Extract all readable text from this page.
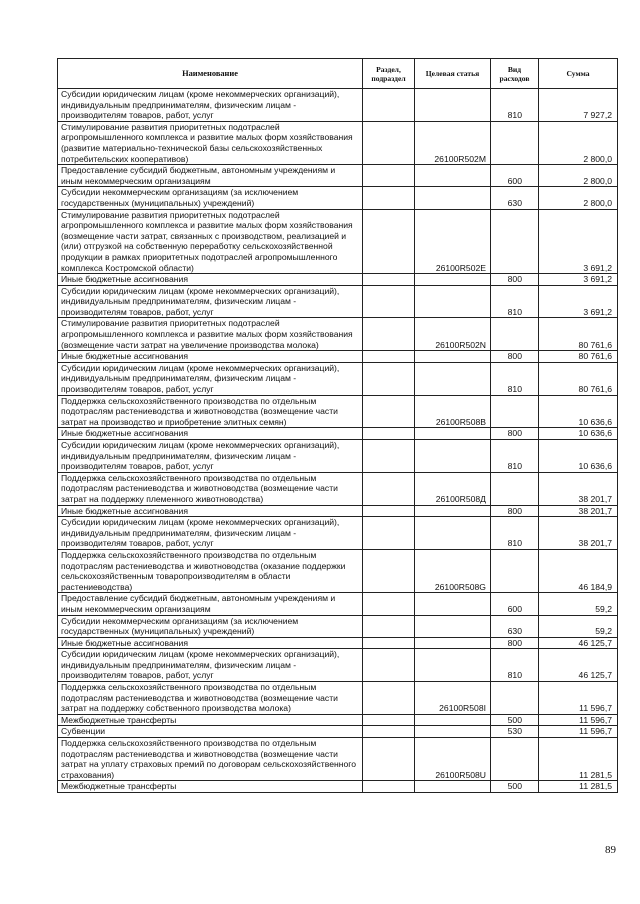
Наименование	Раздел, подраздел	Целевая статья	Вид расходов	Сумма
Субсидии юридическим лицам (кроме некоммерческих организаций), индивидуальным предпринимателям, физическим лицам - производителям товаров, работ, услуг			810	7 927,2
Стимулирование развития приоритетных подотраслей агропромышленного комплекса и развитие малых форм хозяйствования (развитие материально-технической базы сельскохозяйственных потребительских кооперативов)		26100R502M		2 800,0
Предоставление субсидий бюджетным, автономным учреждениям и иным некоммерческим организациям			600	2 800,0
Субсидии некоммерческим организациям (за исключением государственных (муниципальных) учреждений)			630	2 800,0
Стимулирование развития приоритетных подотраслей агропромышленного комплекса и развитие малых форм хозяйствования (возмещение части затрат, связанных с производством, реализацией и (или) отгрузкой на собственную переработку сельскохозяйственной продукции в рамках приоритетных подотраслей агропромышленного комплекса Костромской области)		26100R502E		3 691,2
Иные бюджетные ассигнования			800	3 691,2
Субсидии юридическим лицам (кроме некоммерческих организаций), индивидуальным предпринимателям, физическим лицам - производителям товаров, работ, услуг			810	3 691,2
Стимулирование развития приоритетных подотраслей агропромышленного комплекса и развитие малых форм хозяйствования (возмещение части затрат на увеличение производства молока)		26100R502N		80 761,6
Иные бюджетные ассигнования			800	80 761,6
Субсидии юридическим лицам (кроме некоммерческих организаций), индивидуальным предпринимателям, физическим лицам - производителям товаров, работ, услуг			810	80 761,6
Поддержка сельскохозяйственного производства по отдельным подотраслям растениеводства и животноводства (возмещение части затрат на производство и приобретение элитных семян)		26100R508B		10 636,6
Иные бюджетные ассигнования			800	10 636,6
Субсидии юридическим лицам (кроме некоммерческих организаций), индивидуальным предпринимателям, физическим лицам - производителям товаров, работ, услуг			810	10 636,6
Поддержка сельскохозяйственного производства по отдельным подотраслям растениеводства и животноводства (возмещение части затрат на поддержку племенного животноводства)		26100R508Д		38 201,7
Иные бюджетные ассигнования			800	38 201,7
Субсидии юридическим лицам (кроме некоммерческих организаций), индивидуальным предпринимателям, физическим лицам - производителям товаров, работ, услуг			810	38 201,7
Поддержка сельскохозяйственного производства по отдельным подотраслям растениеводства и животноводства (оказание поддержки сельскохозяйственным товаропроизводителям в области растениеводства)		26100R508G		46 184,9
Предоставление субсидий бюджетным, автономным учреждениям и иным некоммерческим организациям			600	59,2
Субсидии некоммерческим организациям (за исключением государственных (муниципальных) учреждений)			630	59,2
Иные бюджетные ассигнования			800	46 125,7
Субсидии юридическим лицам (кроме некоммерческих организаций), индивидуальным предпринимателям, физическим лицам - производителям товаров, работ, услуг			810	46 125,7
Поддержка сельскохозяйственного производства по отдельным подотраслям растениеводства и животноводства (возмещение части затрат на поддержку собственного производства молока)		26100R508I		11 596,7
Межбюджетные трансферты			500	11 596,7
Субвенции			530	11 596,7
Поддержка сельскохозяйственного производства по отдельным подотраслям растениеводства и животноводства (возмещение части затрат на уплату страховых премий по договорам сельскохозяйственного страхования)		26100R508U		11 281,5
Межбюджетные трансферты			500	11 281,5
89
